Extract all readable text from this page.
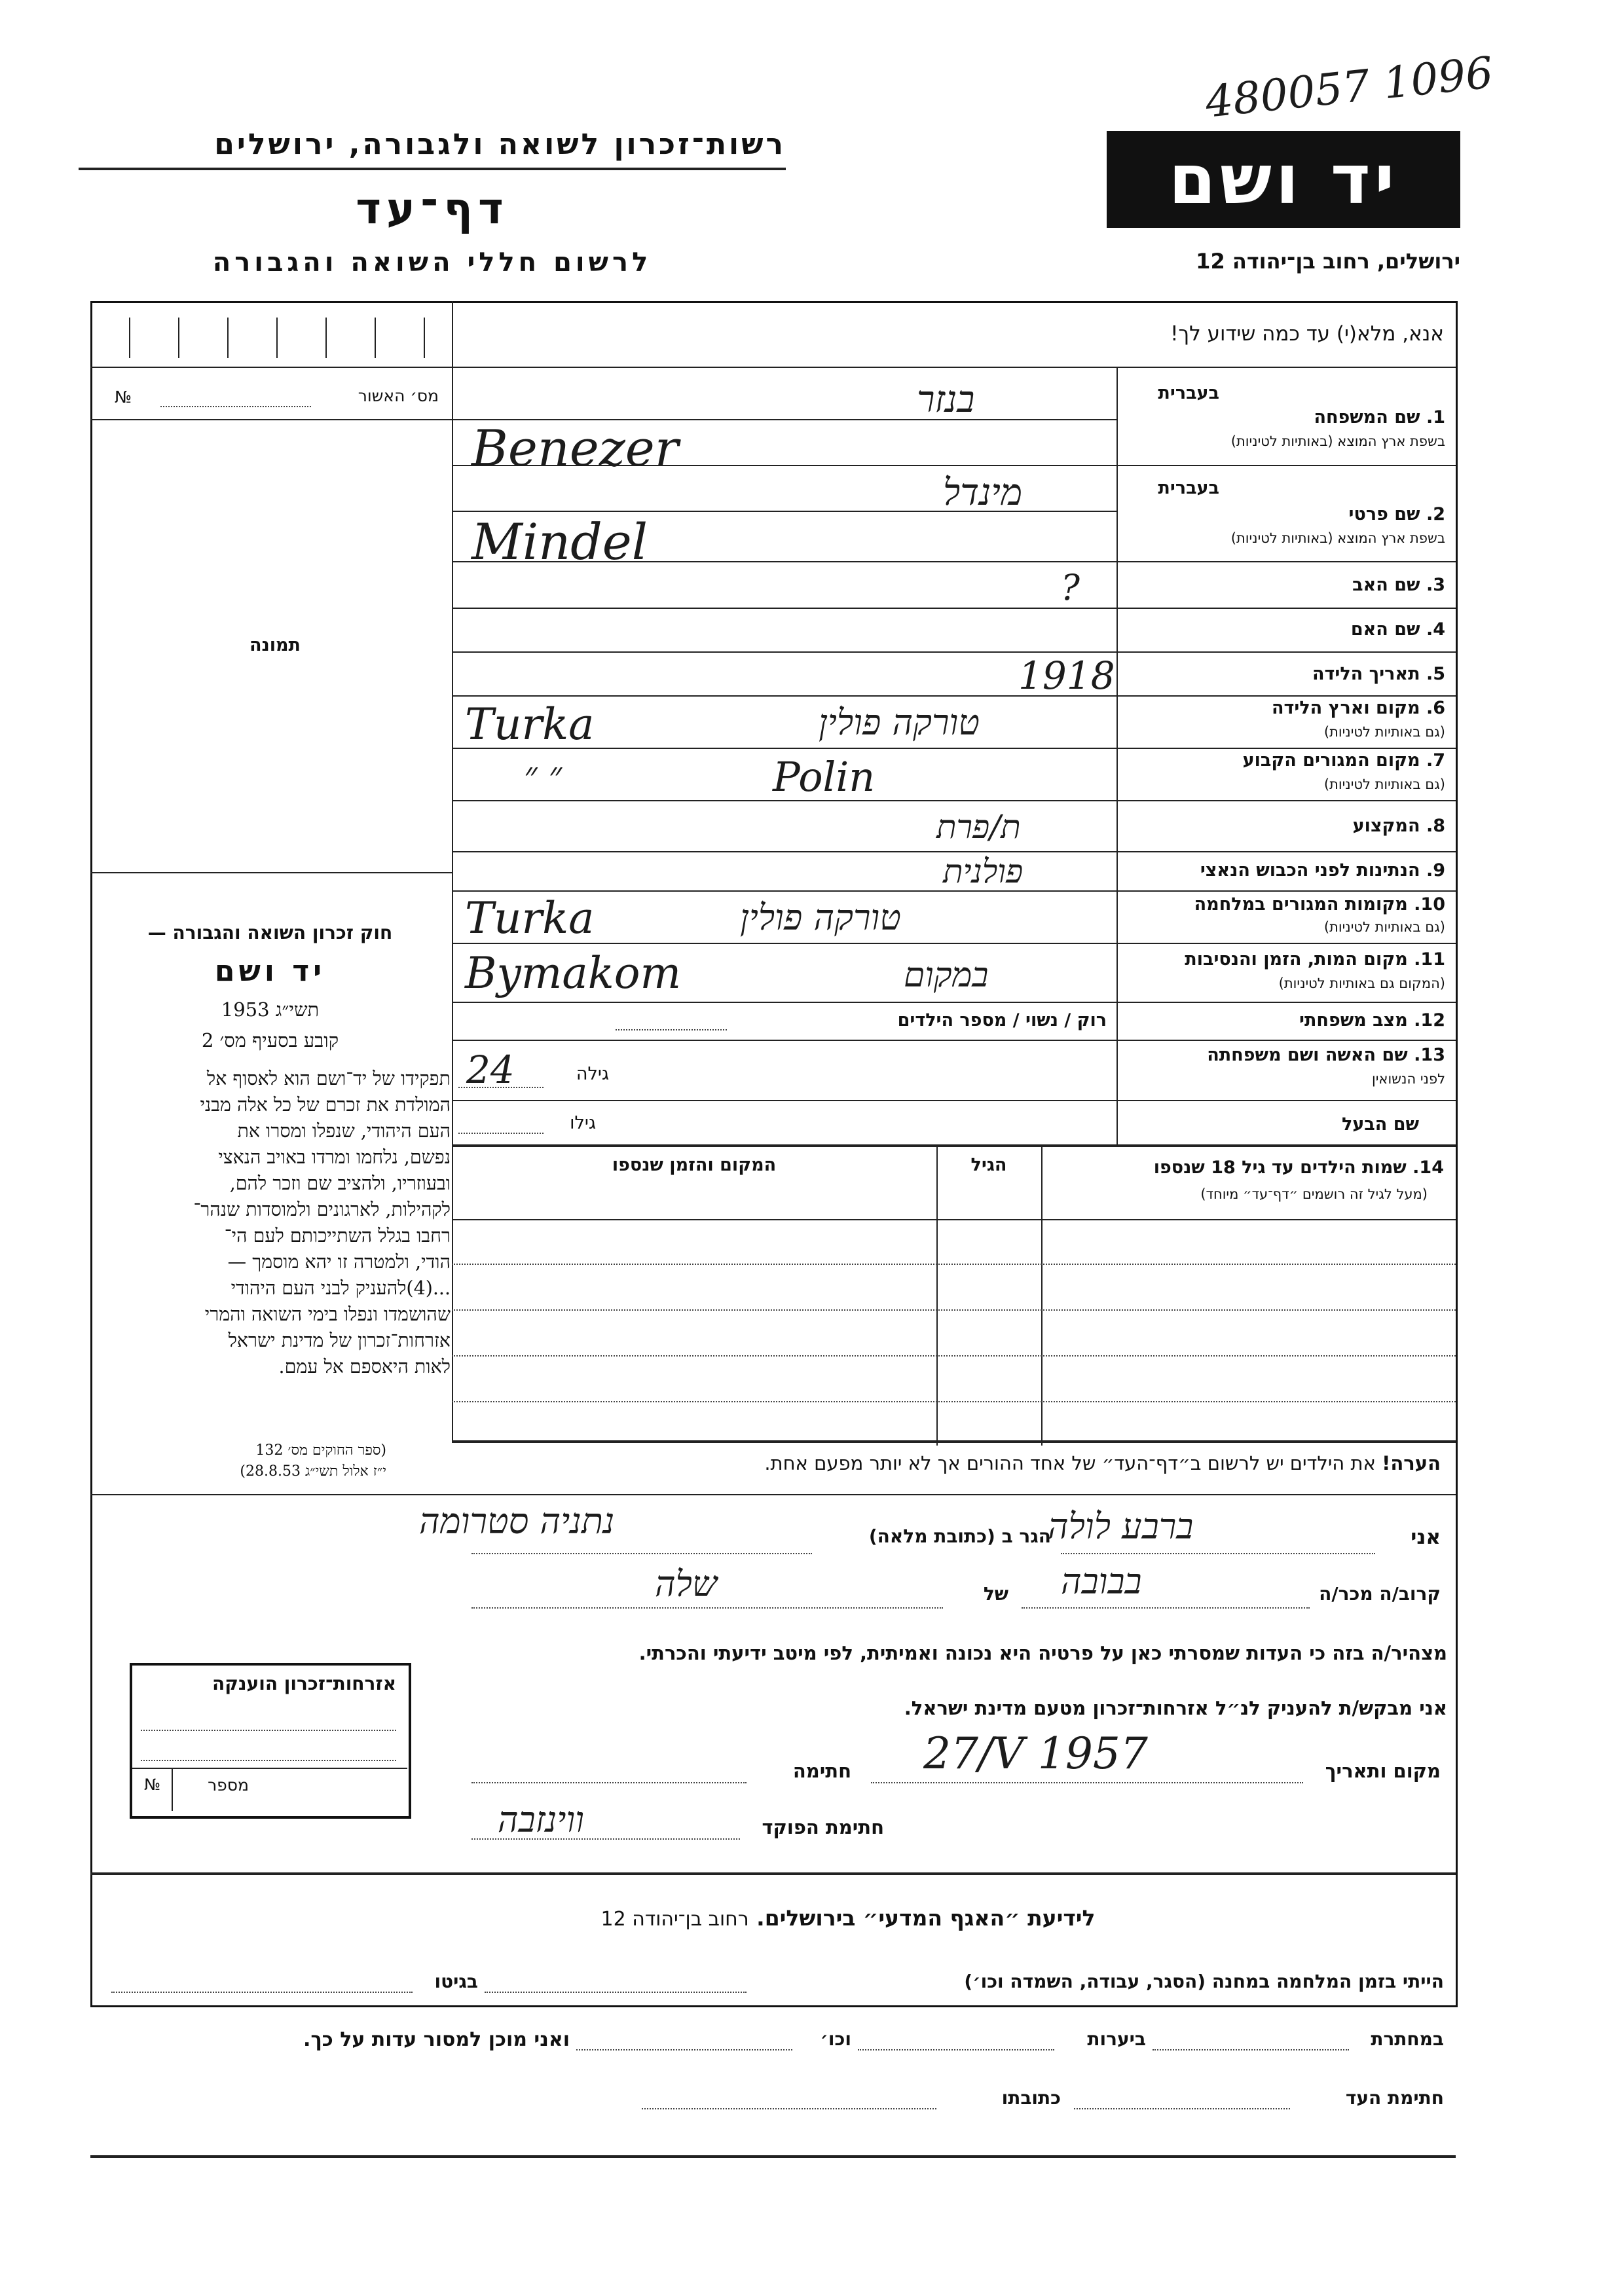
480057 1096
רשות־זכרון לשואה ולגבורה, ירושלים
דף־עד
לרשום חללי השואה והגבורה
יד ושם
ירושלים, רחוב בן־יהודה 12
אנא, מלא(י) עד כמה שידוע לך!
מס׳ האשור
№
תמונה
חוק זכרון השואה והגבורה —
יד ושם
תשי״ג 1953
קובע בסעיף מס׳ 2
תפקידו של יד־ושם הוא לאסוף אל
המולדת את זכרם של כל אלה מבני
העם היהודי, שנפלו ומסרו את
נפשם, נלחמו ומרדו באויב הנאצי
ובעוזריו, ולהציב שם וזכר להם,
לקהילות, לארגונים ולמוסדות שנהר־
רחבו בגלל השתייכותם לעם הי־
הודי, ולמטרה זו יהא מוסמך —
...(4)להעניק לבני העם היהודי
שהושמדו ונפלו בימי השואה והמרי
אזרחות־זכרון של מדינת ישראל
לאות היאספם אל עמם.
(ספר החוקים מס׳ 132
י״ז אלול תשי״ג 28.8.53)
בעברית
1. שם המשפחה
בשפת ארץ המוצא (באותיות לטיניות)
בנזר
Benezer
בעברית
2. שם פרטי
בשפת ארץ המוצא (באותיות לטיניות)
מינדל
Mindel
3. שם האב
?
4. שם האם
5. תאריך הלידה
1918
6. מקום וארץ הלידה
(גם באותיות לטיניות)
טורקה פולין
Turka
7. מקום המגורים הקבוע
(גם באותיות לטיניות)
״ ״	Polin
8. המקצוע
ת/פרת
9. הנתינות לפני הכבוש הנאצי
פולנית
10. מקומות המגורים במלחמה
(גם באותיות לטיניות)
טורקה פולין
Turka
11. מקום המות, הזמן והנסיבות
(המקום גם באותיות לטיניות)
במקום
Bymakom
12. מצב משפחתי
רוק / נשוי / מספר הילדים
13. שם האשה ושם משפחתה
לפני הנשואין
גילה
24
שם הבעל
גילו
14. שמות הילדים עד גיל 18 שנספו
(מעל לגיל זה רושמים ״דף־עד״ מיוחד)
הגיל
המקום והזמן שנספו
הערה! את הילדים יש לרשום ב״דף־העד״ של אחד ההורים אך לא יותר מפעם אחת.
אני
ברבע לולה
הגר ב (כתובת מלאה)
נתניה סטרומה
קרוב/ה מכר/ה
בבובה
של
שלה
מצהיר/ה בזה כי העדות שמסרתי כאן על פרטיה היא נכונה ואמיתית, לפי מיטב ידיעתי והכרתי.
אני מבקש/ת להעניק לנ״ל אזרחות־זכרון מטעם מדינת ישראל.
מקום ותאריך
27/V 1957
חתימה
חתימת הפוקד
ווינזבה
אזרחות־זכרון הוענקה
מספר
№
לידיעת ״האגף המדעי״ בירושלים. רחוב בן־יהודה 12
הייתי בזמן המלחמה במחנה (הסגר, עבודה, השמדה וכו׳)
בגיטו
במחתרת
ביערות
וכו׳
ואני מוכן למסור עדות על כך.
חתימת העד
כתובתו
